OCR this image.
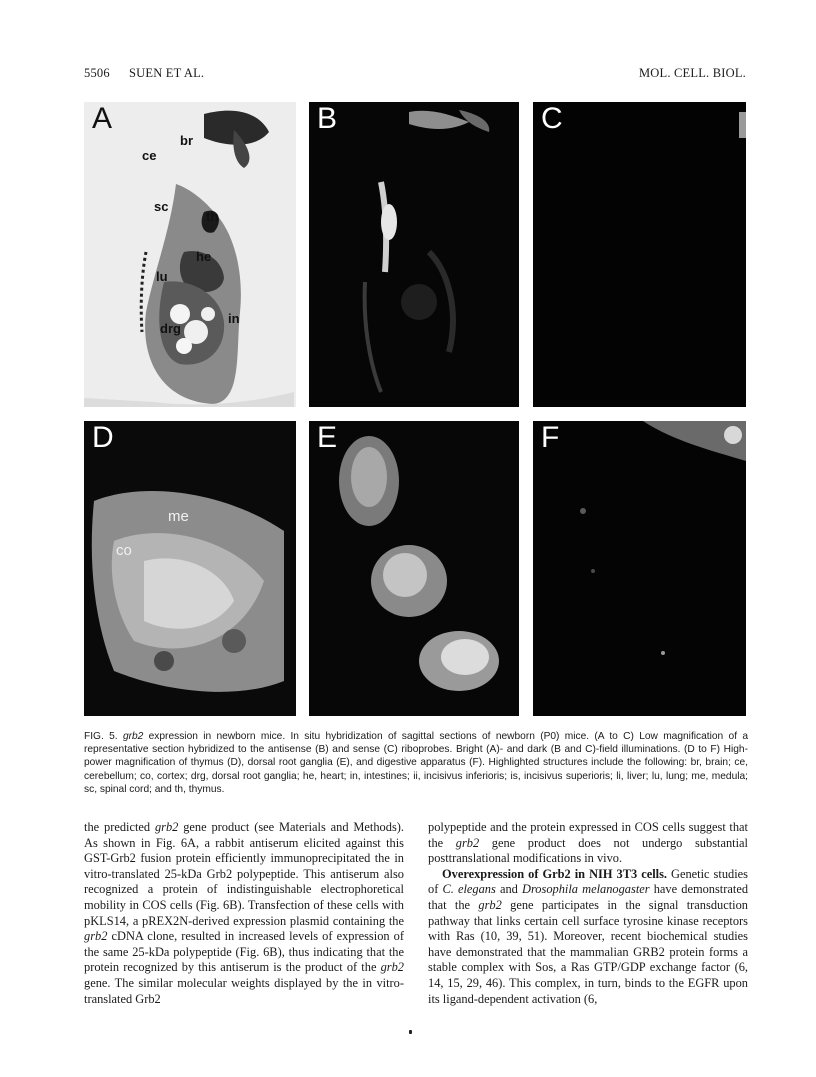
5506 SUEN ET AL.	MOL. CELL. BIOL.
A
br
ce
sc
th
he
lu
drg
in
B	C
D
me
co
E	F

FIG. 5. grb2 expression in newborn mice. In situ hybridization of sagittal sections of newborn (P0) mice. (A to C) Low magnification of a representative section hybridized to the antisense (B) and sense (C) riboprobes. Bright (A)- and dark (B and C)-field illuminations. (D to F) High-power magnification of thymus (D), dorsal root ganglia (E), and digestive apparatus (F). Highlighted structures include the following: br, brain; ce, cerebellum; co, cortex; drg, dorsal root ganglia; he, heart; in, intestines; ii, incisivus inferioris; is, incisivus superioris; li, liver; lu, lung; me, medula; sc, spinal cord; and th, thymus.

the predicted grb2 gene product (see Materials and Methods). As shown in Fig. 6A, a rabbit antiserum elicited against this GST-Grb2 fusion protein efficiently immunoprecipitated the in vitro-translated 25-kDa Grb2 polypeptide. This antiserum also recognized a protein of indistinguishable electrophoretical mobility in COS cells (Fig. 6B). Transfection of these cells with pKLS14, a pREX2N-derived expression plasmid containing the grb2 cDNA clone, resulted in increased levels of expression of the same 25-kDa polypeptide (Fig. 6B), thus indicating that the protein recognized by this antiserum is the product of the grb2 gene. The similar molecular weights displayed by the in vitro-translated Grb2

polypeptide and the protein expressed in COS cells suggest that the grb2 gene product does not undergo substantial posttranslational modifications in vivo.

Overexpression of Grb2 in NIH 3T3 cells. Genetic studies of C. elegans and Drosophila melanogaster have demonstrated that the grb2 gene participates in the signal transduction pathway that links certain cell surface tyrosine kinase receptors with Ras (10, 39, 51). Moreover, recent biochemical studies have demonstrated that the mammalian GRB2 protein forms a stable complex with Sos, a Ras GTP/GDP exchange factor (6, 14, 15, 29, 46). This complex, in turn, binds to the EGFR upon its ligand-dependent activation (6,
